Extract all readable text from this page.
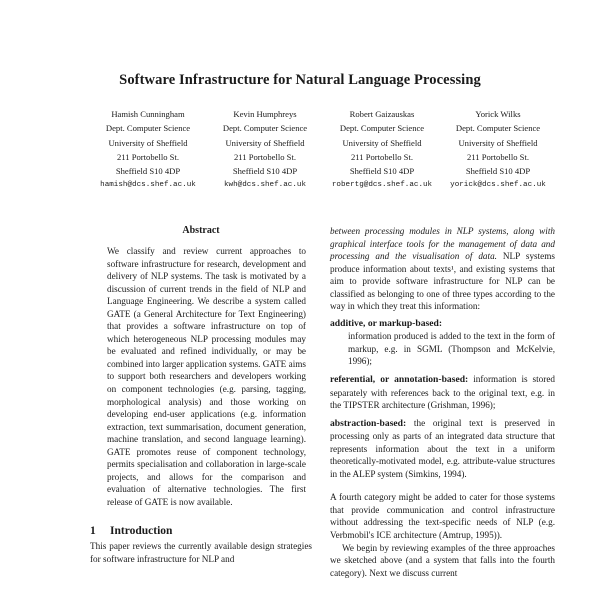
Software Infrastructure for Natural Language Processing
Hamish Cunningham
Dept. Computer Science
University of Sheffield
211 Portobello St.
Sheffield S10 4DP
hamish@dcs.shef.ac.uk
Kevin Humphreys
Dept. Computer Science
University of Sheffield
211 Portobello St.
Sheffield S10 4DP
kwh@dcs.shef.ac.uk
Robert Gaizauskas
Dept. Computer Science
University of Sheffield
211 Portobello St.
Sheffield S10 4DP
robertg@dcs.shef.ac.uk
Yorick Wilks
Dept. Computer Science
University of Sheffield
211 Portobello St.
Sheffield S10 4DP
yorick@dcs.shef.ac.uk
Abstract

We classify and review current approaches to software infrastructure for research, development and delivery of NLP systems. The task is motivated by a discussion of current trends in the field of NLP and Language Engineering. We describe a system called GATE (a General Architecture for Text Engineering) that provides a software infrastructure on top of which heterogeneous NLP processing modules may be evaluated and refined individually, or may be combined into larger application systems. GATE aims to support both researchers and developers working on component technologies (e.g. parsing, tagging, morphological analysis) and those working on developing end-user applications (e.g. information extraction, text summarisation, document generation, machine translation, and second language learning). GATE promotes reuse of component technology, permits specialisation and collaboration in large-scale projects, and allows for the comparison and evaluation of alternative technologies. The first release of GATE is now available.

1 Introduction

This paper reviews the currently available design strategies for software infrastructure for NLP and

between processing modules in NLP systems, along with graphical interface tools for the management of data and processing and the visualisation of data. NLP systems produce information about texts¹, and existing systems that aim to provide software infrastructure for NLP can be classified as belonging to one of three types according to the way in which they treat this information:

additive, or markup-based:

information produced is added to the text in the form of markup, e.g. in SGML (Thompson and McKelvie, 1996);

referential, or annotation-based: information is stored separately with references back to the original text, e.g. in the TIPSTER architecture (Grishman, 1996);

abstraction-based: the original text is preserved in processing only as parts of an integrated data structure that represents information about the text in a uniform theoretically-motivated model, e.g. attribute-value structures in the ALEP system (Simkins, 1994).

A fourth category might be added to cater for those systems that provide communication and control infrastructure without addressing the text-specific needs of NLP (e.g. Verbmobil's ICE architecture (Amtrup, 1995)).

We begin by reviewing examples of the three approaches we sketched above (and a system that falls into the fourth category). Next we discuss current
